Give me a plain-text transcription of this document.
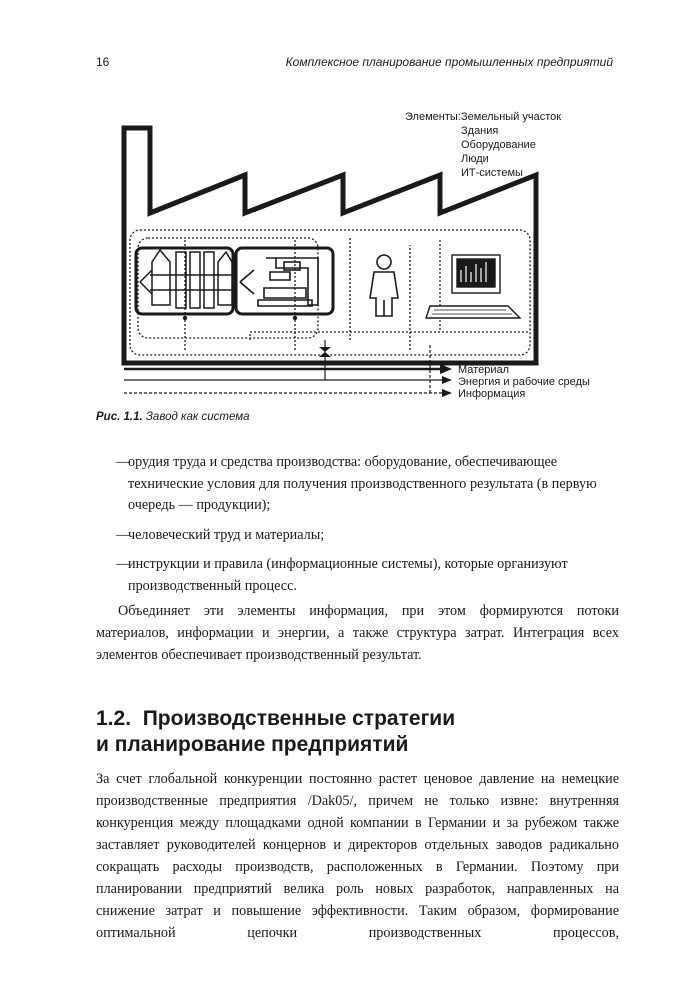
16	Комплексное планирование промышленных предприятий
Элементы: Земельный участок
Здания
Оборудование
Люди
ИТ-системы
Материал
Энергия и рабочие среды
Информация
Рис. 1.1. Завод как система
—
орудия труда и средства производства: оборудование, обеспечивающее технические условия для получения производственного результата (в первую очередь — продукции);
—
человеческий труд и материалы;
—
инструкции и правила (информационные системы), которые организуют производственный процесс.

Объединяет эти элементы информация, при этом формируются потоки материалов, информации и энергии, а также структура затрат. Интеграция всех элементов обеспечивает производственный результат.

1.2. Производственные стратегии
и планирование предприятий

За счет глобальной конкуренции постоянно растет ценовое давление на немецкие производственные предприятия /Dak05/, причем не только извне: внутренняя конкуренция между площадками одной компании в Германии и за рубежом также заставляет руководителей концернов и директоров отдельных заводов радикально сокращать расходы производств, расположенных в Германии. Поэтому при планировании предприятий велика роль новых разработок, направленных на снижение затрат и повышение эффективности. Таким образом, формирование оптимальной цепочки производственных процессов,
